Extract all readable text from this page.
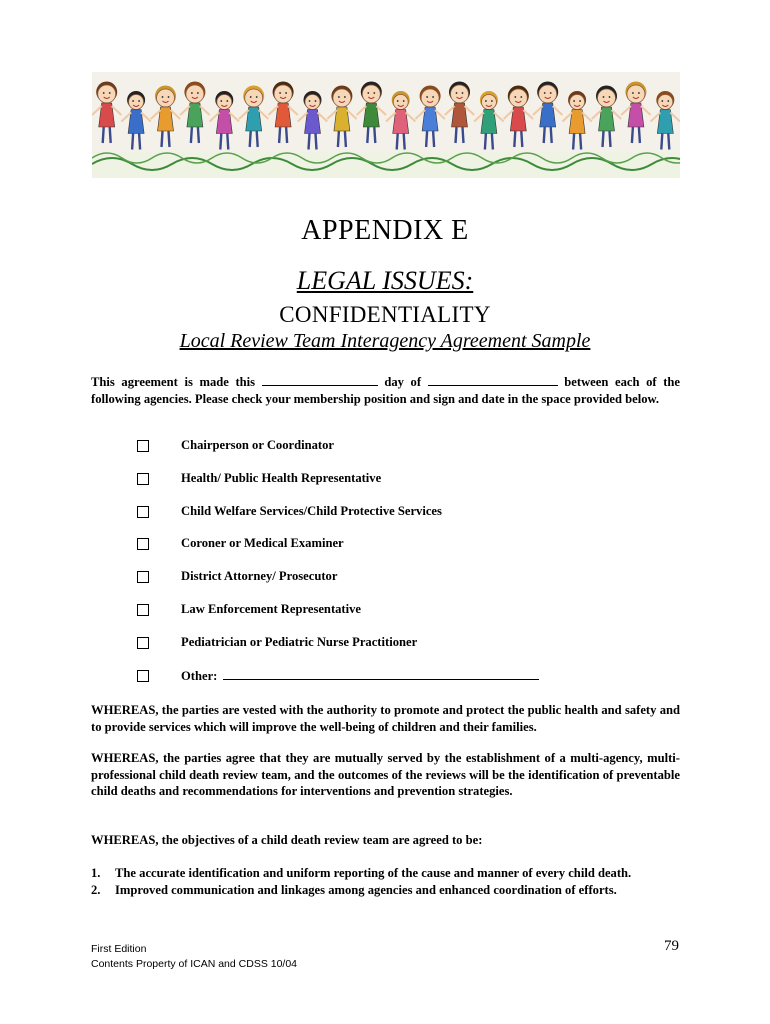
APPENDIX E
LEGAL ISSUES:
CONFIDENTIALITY
Local Review Team Interagency Agreement Sample
This agreement is made this	day of	between each of the following agencies. Please check your membership position and sign and date in the space provided below.
Chairperson or Coordinator
Health/ Public Health Representative
Child Welfare Services/Child Protective Services
Coroner or Medical Examiner
District Attorney/ Prosecutor
Law Enforcement Representative
Pediatrician or Pediatric Nurse Practitioner
Other:
WHEREAS, the parties are vested with the authority to promote and protect the public health and safety and to provide services which will improve the well-being of children and their families.
WHEREAS, the parties agree that they are mutually served by the establishment of a multi-agency, multi-professional child death review team, and the outcomes of the reviews will be the identification of preventable child deaths and recommendations for interventions and prevention strategies.
WHEREAS, the objectives of a child death review team are agreed to be:
1. The accurate identification and uniform reporting of the cause and manner of every child death.
2. Improved communication and linkages among agencies and enhanced coordination of efforts.
First Edition
Contents Property of ICAN and CDSS 10/04
79
